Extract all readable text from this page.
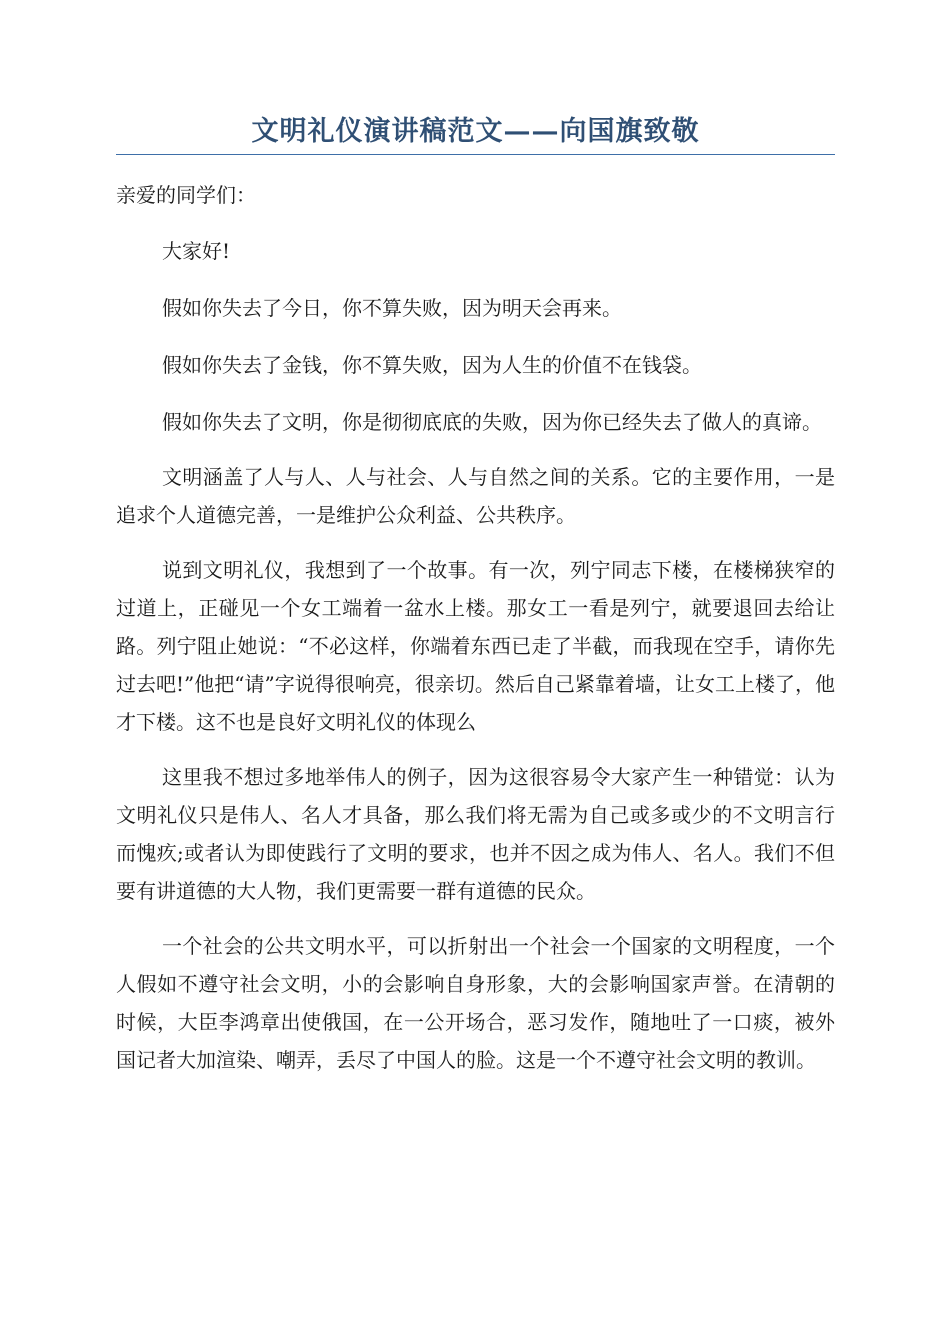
文明礼仪演讲稿范文——向国旗致敬

亲爱的同学们：

大家好!

假如你失去了今日，你不算失败，因为明天会再来。

假如你失去了金钱，你不算失败，因为人生的价值不在钱袋。

假如你失去了文明，你是彻彻底底的失败，因为你已经失去了做人的真谛。

文明涵盖了人与人、人与社会、人与自然之间的关系。它的主要作用，一是追求个人道德完善，一是维护公众利益、公共秩序。

说到文明礼仪，我想到了一个故事。有一次，列宁同志下楼，在楼梯狭窄的过道上，正碰见一个女工端着一盆水上楼。那女工一看是列宁，就要退回去给让路。列宁阻止她说：“不必这样，你端着东西已走了半截，而我现在空手，请你先过去吧!”他把“请”字说得很响亮，很亲切。然后自己紧靠着墙，让女工上楼了，他才下楼。这不也是良好文明礼仪的体现么

这里我不想过多地举伟人的例子，因为这很容易令大家产生一种错觉：认为文明礼仪只是伟人、名人才具备，那么我们将无需为自己或多或少的不文明言行而愧疚;或者认为即使践行了文明的要求，也并不因之成为伟人、名人。我们不但要有讲道德的大人物，我们更需要一群有道德的民众。

一个社会的公共文明水平，可以折射出一个社会一个国家的文明程度，一个人假如不遵守社会文明，小的会影响自身形象，大的会影响国家声誉。在清朝的时候，大臣李鸿章出使俄国，在一公开场合，恶习发作，随地吐了一口痰，被外国记者大加渲染、嘲弄，丢尽了中国人的脸。这是一个不遵守社会文明的教训。
